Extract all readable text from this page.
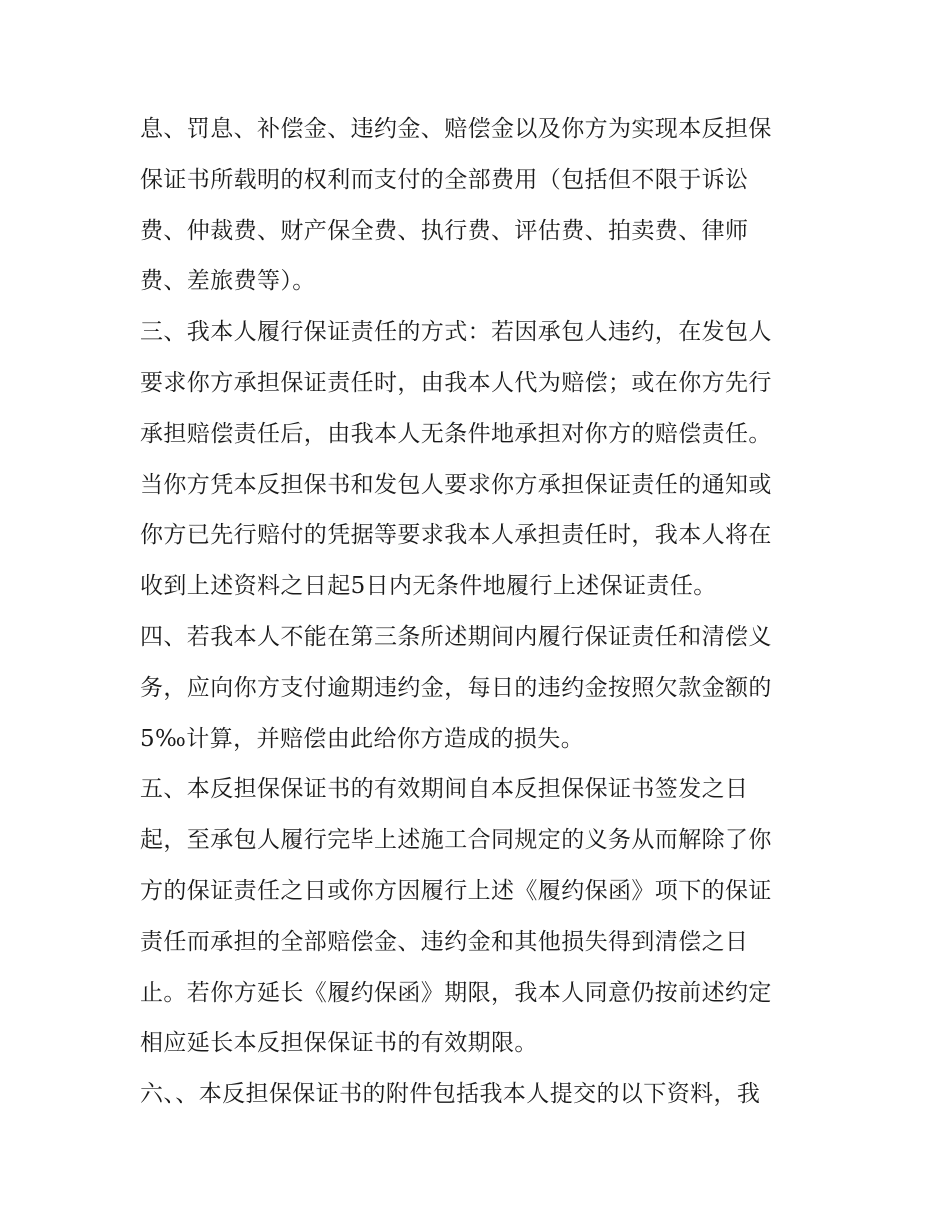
息、罚息、补偿金、违约金、赔偿金以及你方为实现本反担保
保证书所载明的权利而支付的全部费用（包括但不限于诉讼
费、仲裁费、财产保全费、执行费、评估费、拍卖费、律师
费、差旅费等）。
三、我本人履行保证责任的方式：若因承包人违约，在发包人
要求你方承担保证责任时，由我本人代为赔偿；或在你方先行
承担赔偿责任后，由我本人无条件地承担对你方的赔偿责任。
当你方凭本反担保书和发包人要求你方承担保证责任的通知或
你方已先行赔付的凭据等要求我本人承担责任时，我本人将在
收到上述资料之日起5日内无条件地履行上述保证责任。
四、若我本人不能在第三条所述期间内履行保证责任和清偿义
务，应向你方支付逾期违约金，每日的违约金按照欠款金额的
5‰计算，并赔偿由此给你方造成的损失。
五、本反担保保证书的有效期间自本反担保保证书签发之日
起，至承包人履行完毕上述施工合同规定的义务从而解除了你
方的保证责任之日或你方因履行上述《履约保函》项下的保证
责任而承担的全部赔偿金、违约金和其他损失得到清偿之日
止。若你方延长《履约保函》期限，我本人同意仍按前述约定
相应延长本反担保保证书的有效期限。
六、、本反担保保证书的附件包括我本人提交的以下资料，我
